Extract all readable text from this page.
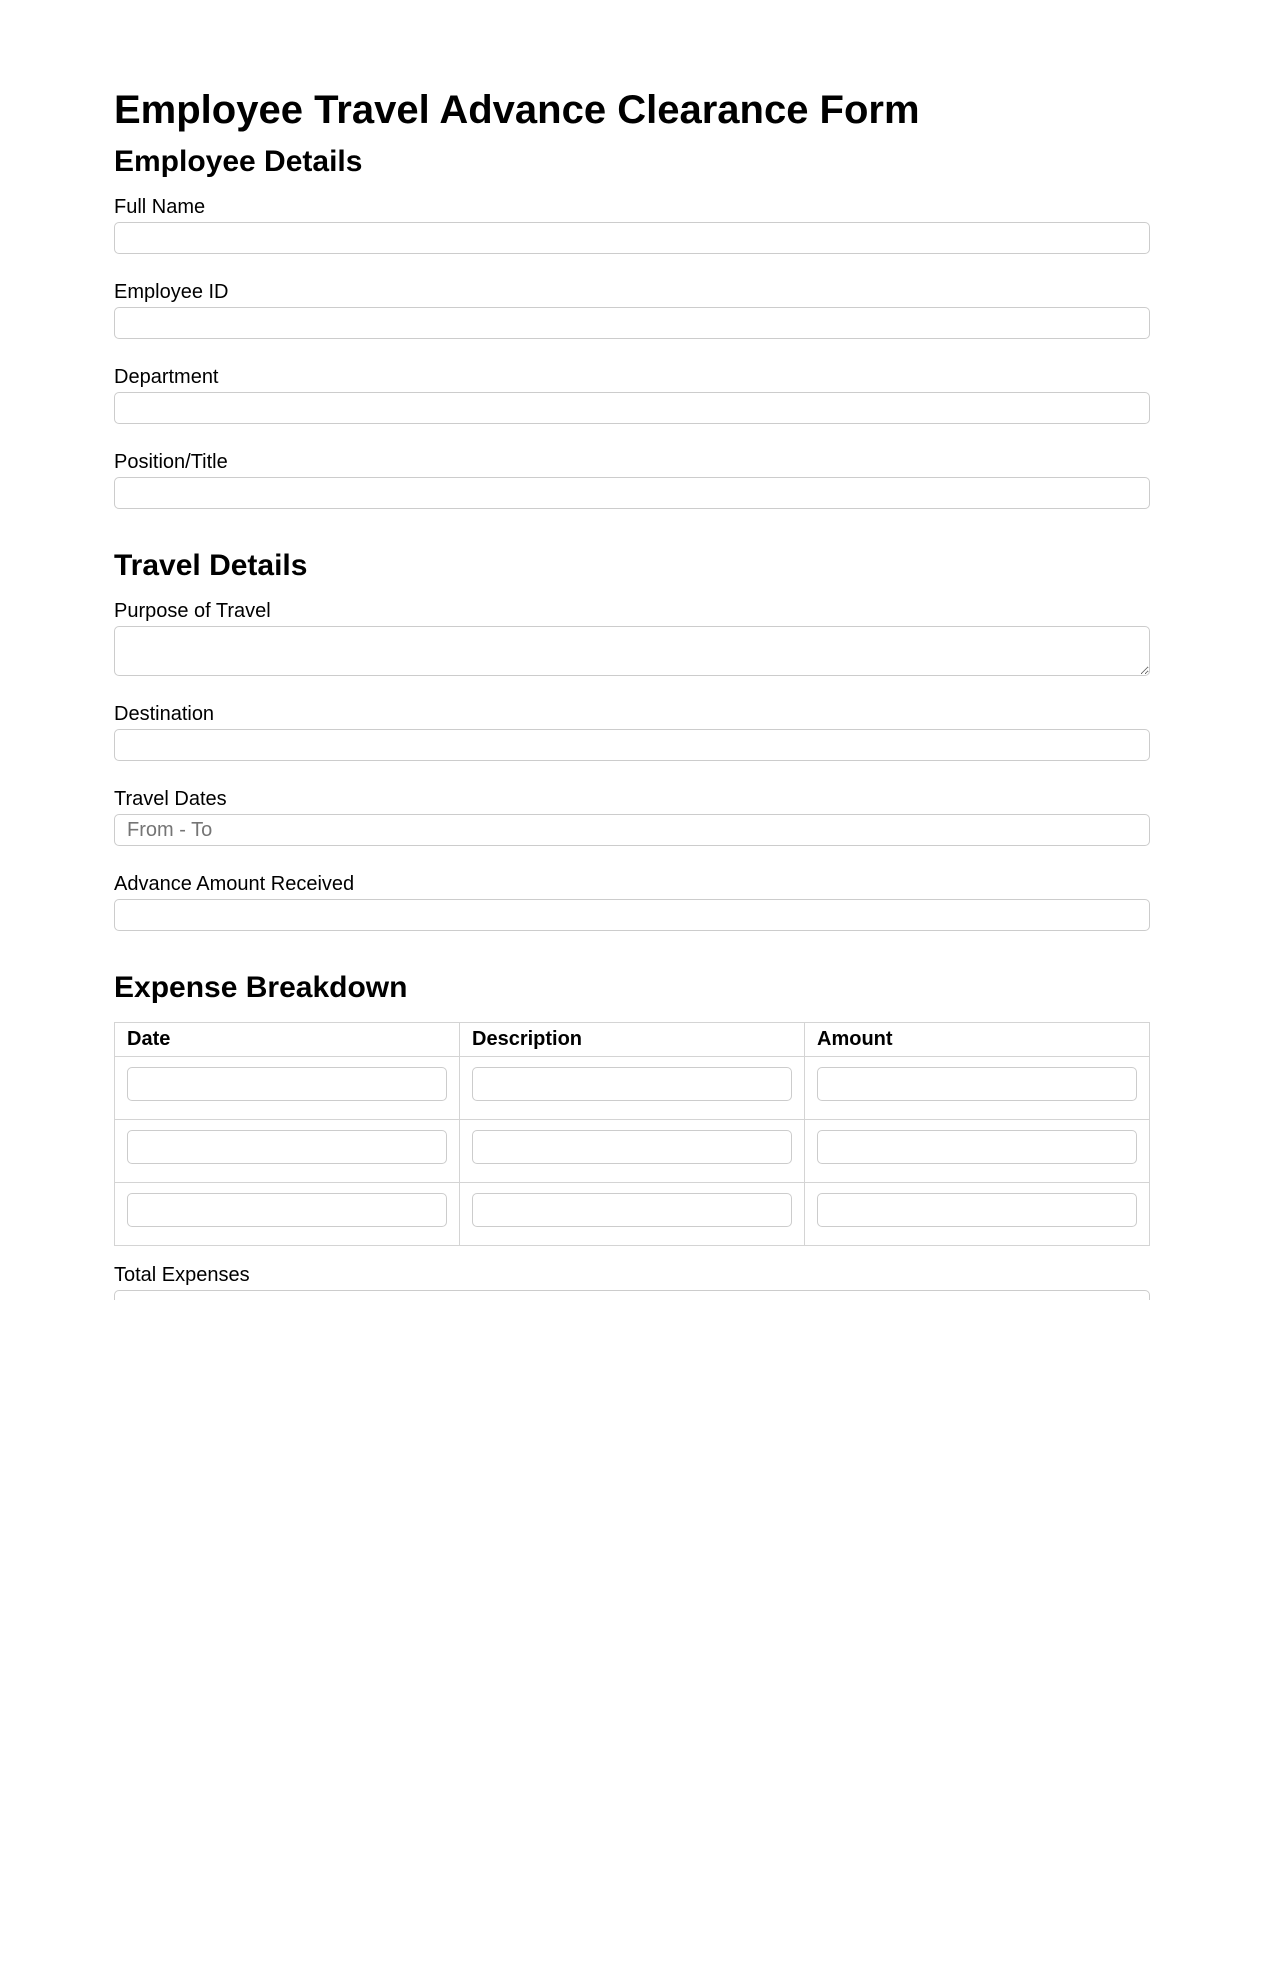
Employee Travel Advance Clearance Form
Employee Details
Full Name
Employee ID
Department
Position/Title
Travel Details
Purpose of Travel
Destination
Travel Dates
From - To
Advance Amount Received
Expense Breakdown
Date	Description	Amount

Total Expenses
